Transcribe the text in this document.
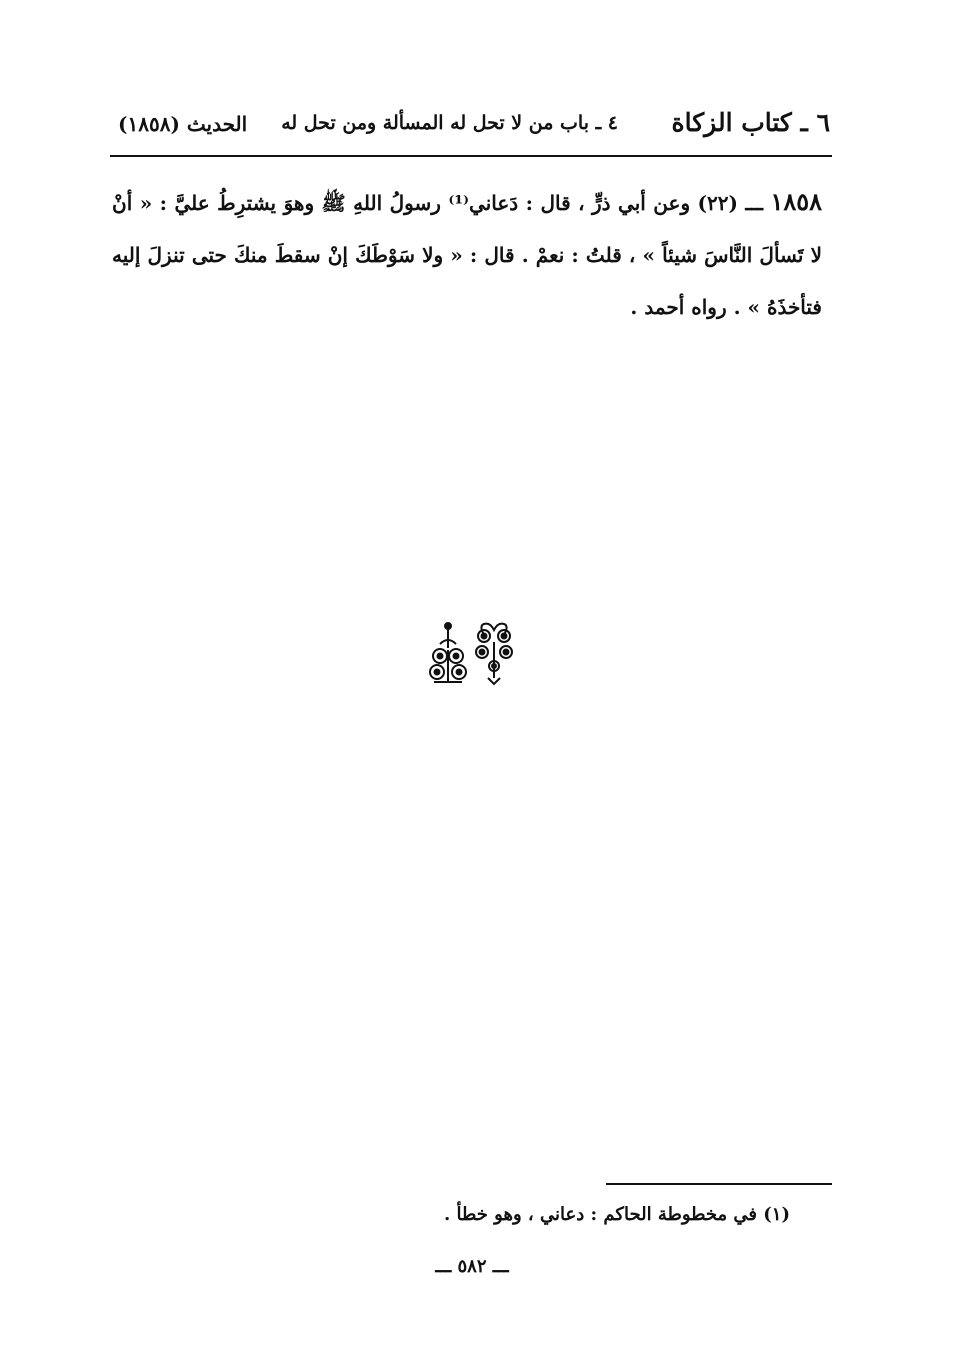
٦ ـ كتاب الزكاة
٤ ـ باب من لا تحل له المسألة ومن تحل له
الحديث (١٨٥٨)
١٨٥٨ ـــ (٢٢) وعن أبي ذرٍّ ، قال : دَعاني⁽¹⁾ رسولُ اللهِ ﷺ وهوَ يشترِطُ عليَّ : « أنْ لا تَسألَ النَّاسَ شيئاً » ، قلتُ : نعمْ . قال : « ولا سَوْطَكَ إنْ سقطَ منكَ حتى تنزلَ إليه فتأخذَهُ » . رواه أحمد .
(١) في مخطوطة الحاكم : دعاني ، وهو خطأ .
ـــ ٥٨٢ ـــ
